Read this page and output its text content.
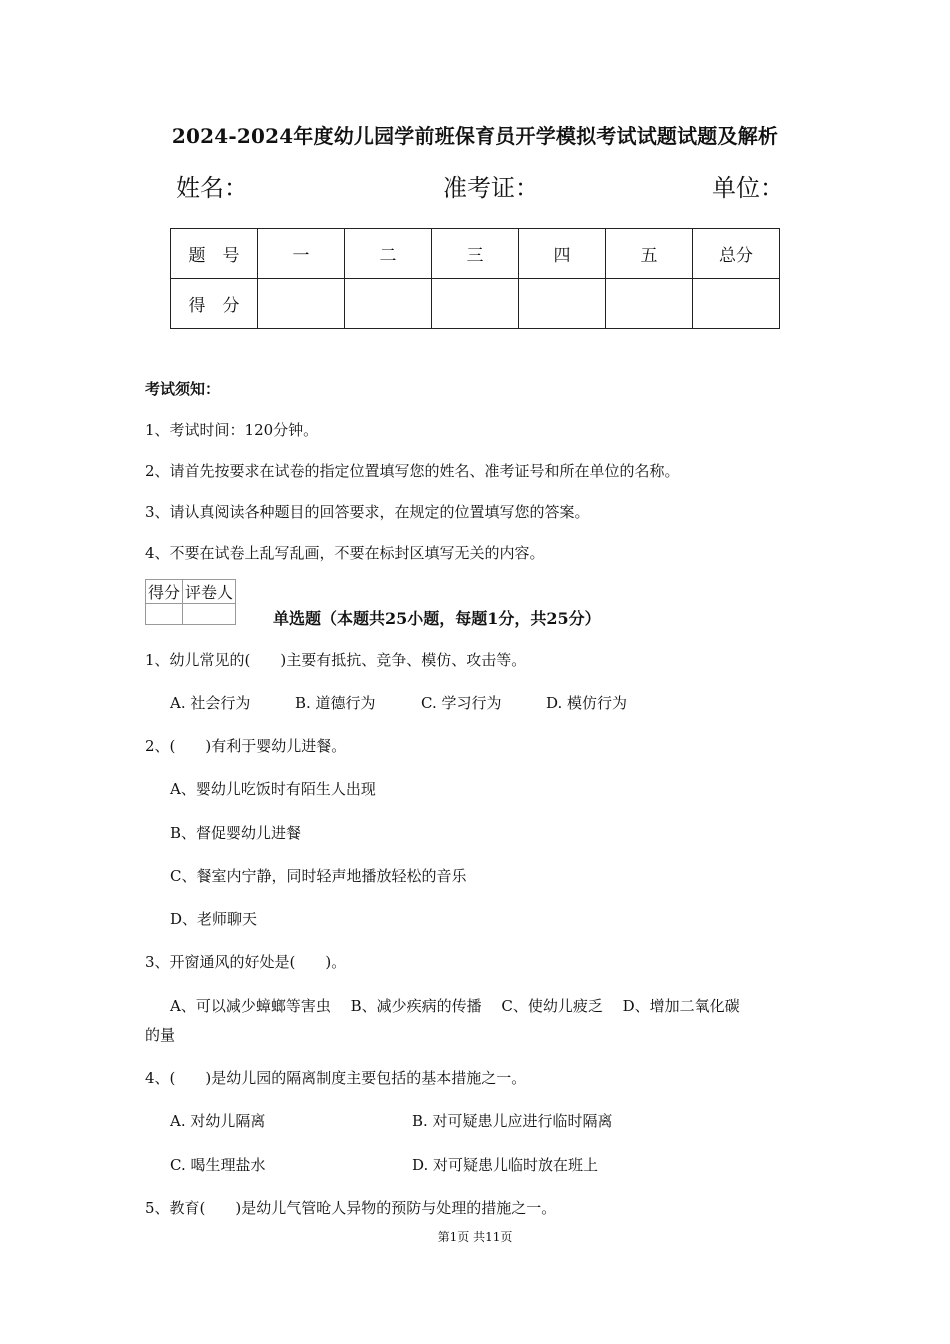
2024-2024年度幼儿园学前班保育员开学模拟考试试题试题及解析
姓名：	准考证：	单位：
题　号	一	二	三	四	五	总分
得　分						
考试须知：
1、考试时间：120分钟。
2、请首先按要求在试卷的指定位置填写您的姓名、准考证号和所在单位的名称。
3、请认真阅读各种题目的回答要求，在规定的位置填写您的答案。
4、不要在试卷上乱写乱画，不要在标封区填写无关的内容。
得分	评卷人

单选题（本题共25小题，每题1分，共25分）
1、幼儿常见的(　　)主要有抵抗、竞争、模仿、攻击等。
A. 社会行为	B. 道德行为	C. 学习行为	D. 模仿行为
2、(　　)有利于婴幼儿进餐。
A、婴幼儿吃饭时有陌生人出现
B、督促婴幼儿进餐
C、餐室内宁静，同时轻声地播放轻松的音乐
D、老师聊天
3、开窗通风的好处是(　　)。
A、可以减少蟑螂等害虫　 B、减少疾病的传播　 C、使幼儿疲乏　 D、增加二氧化碳
的量
4、(　　)是幼儿园的隔离制度主要包括的基本措施之一。
A. 对幼儿隔离	B. 对可疑患儿应进行临时隔离
C. 喝生理盐水	D. 对可疑患儿临时放在班上
5、教育(　　)是幼儿气管呛人异物的预防与处理的措施之一。
第1页 共11页
